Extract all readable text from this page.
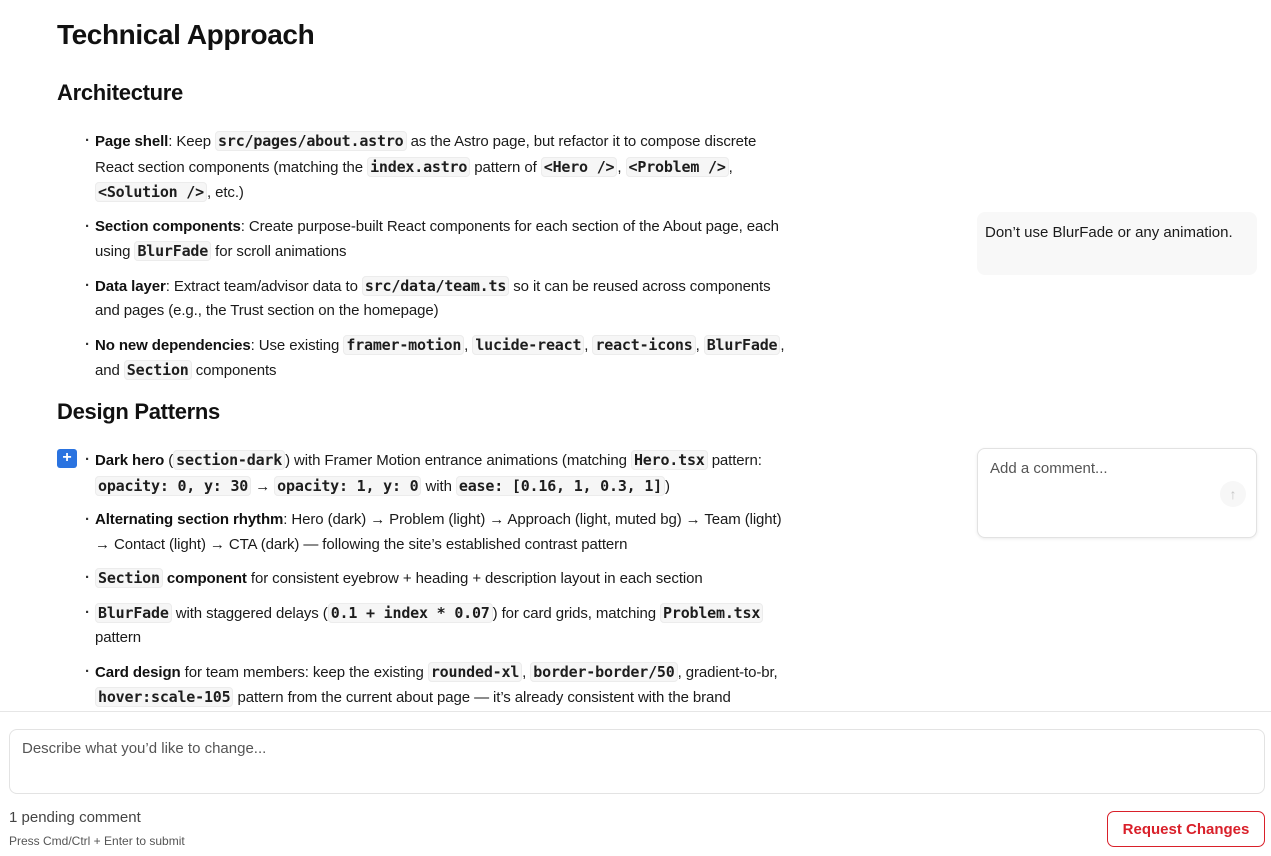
Technical Approach
Architecture
· Page shell: Keep src/pages/about.astro as the Astro page, but refactor it to compose discrete React section components (matching the index.astro pattern of <Hero /> , <Problem /> , <Solution /> , etc.)
· Section components: Create purpose-built React components for each section of the About page, each using BlurFade for scroll animations
· Data layer: Extract team/advisor data to src/data/team.ts so it can be reused across components and pages (e.g., the Trust section on the homepage)
· No new dependencies: Use existing framer-motion , lucide-react , react-icons , BlurFade , and Section components
Design Patterns
· Dark hero ( section-dark ) with Framer Motion entrance animations (matching Hero.tsx pattern: opacity: 0, y: 30 → opacity: 1, y: 0 with ease: [0.16, 1, 0.3, 1] )
· Alternating section rhythm: Hero (dark) → Problem (light) → Approach (light, muted bg) → Team (light) → Contact (light) → CTA (dark) — following the site’s established contrast pattern
· Section component for consistent eyebrow + heading + description layout in each section
· BlurFade with staggered delays ( 0.1 + index * 0.07 ) for card grids, matching Problem.tsx pattern
· Card design for team members: keep the existing rounded-xl , border-border/50 , gradient-to-br, hover:scale-105 pattern from the current about page — it’s already consistent with the brand
+
Don’t use BlurFade or any animation.
Add a comment...
↑
Describe what you’d like to change...
1 pending comment
Press Cmd/Ctrl + Enter to submit
Request Changes
